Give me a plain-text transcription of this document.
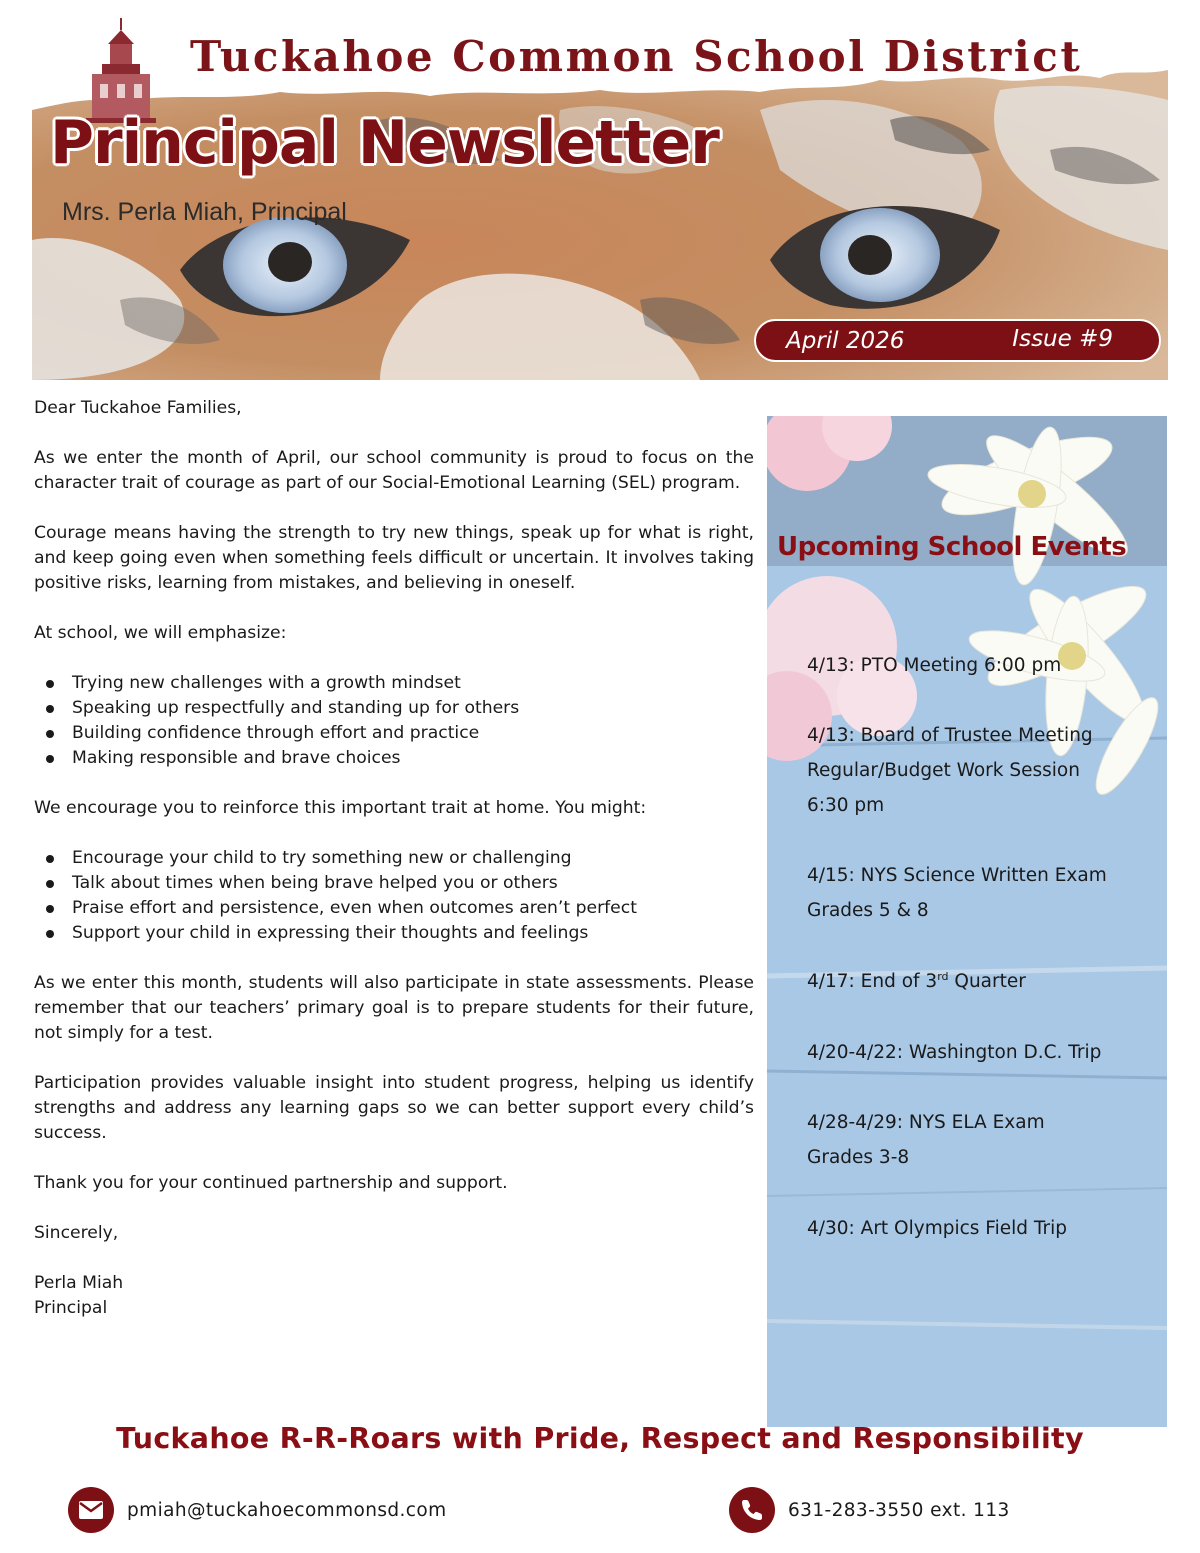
Tuckahoe Common School District
Principal Newsletter
Mrs. Perla Miah, Principal
April 2026	Issue #9

Dear Tuckahoe Families,

As we enter the month of April, our school community is proud to focus on the character trait of courage as part of our Social-Emotional Learning (SEL) program.

Courage means having the strength to try new things, speak up for what is right, and keep going even when something feels difficult or uncertain. It involves taking positive risks, learning from mistakes, and believing in oneself.

At school, we will emphasize:

Trying new challenges with a growth mindset
Speaking up respectfully and standing up for others
Building confidence through effort and practice
Making responsible and brave choices

We encourage you to reinforce this important trait at home. You might:

Encourage your child to try something new or challenging
Talk about times when being brave helped you or others
Praise effort and persistence, even when outcomes aren’t perfect
Support your child in expressing their thoughts and feelings

As we enter this month, students will also participate in state assessments. Please remember that our teachers’ primary goal is to prepare students for their future, not simply for a test.

Participation provides valuable insight into student progress, helping us identify strengths and address any learning gaps so we can better support every child’s success.

Thank you for your continued partnership and support.

Sincerely,

Perla Miah

Principal

Upcoming School Events
4/13: PTO Meeting 6:00 pm
4/13: Board of Trustee Meeting Regular/Budget Work Session 6:30 pm
4/15: NYS Science Written Exam Grades 5 & 8
4/17: End of 3rd Quarter
4/20-4/22: Washington D.C. Trip
4/28-4/29: NYS ELA Exam Grades 3-8
4/30: Art Olympics Field Trip
Tuckahoe R-R-Roars with Pride, Respect and Responsibility
pmiah@tuckahoecommonsd.com	631-283-3550 ext. 113
